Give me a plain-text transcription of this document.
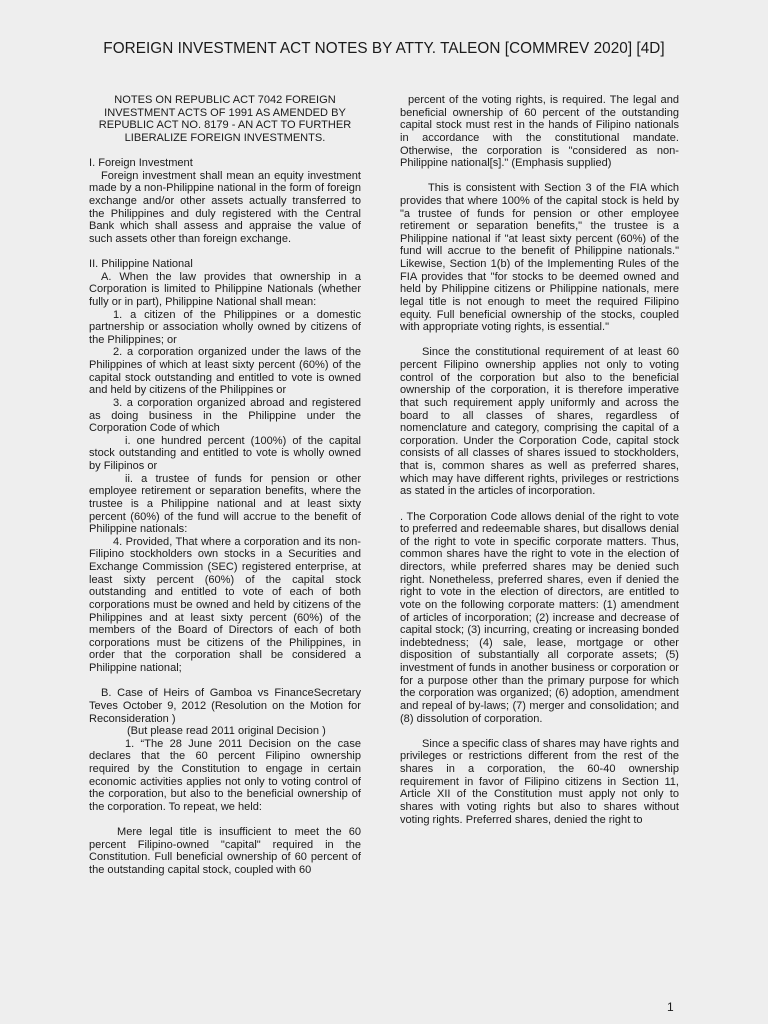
FOREIGN INVESTMENT ACT NOTES BY ATTY. TALEON [COMMREV 2020] [4D]

NOTES ON REPUBLIC ACT 7042 FOREIGN INVESTMENT ACTS OF 1991 AS AMENDED BY REPUBLIC ACT NO. 8179 - AN ACT TO FURTHER LIBERALIZE FOREIGN INVESTMENTS.

I. Foreign Investment

Foreign investment shall mean an equity investment made by a non-Philippine national in the form of foreign exchange and/or other assets actually transferred to the Philippines and duly registered with the Central Bank which shall assess and appraise the value of such assets other than foreign exchange.

II. Philippine National

A. When the law provides that ownership in a Corporation is limited to Philippine Nationals (whether fully or in part), Philippine National shall mean:

1. a citizen of the Philippines or a domestic partnership or association wholly owned by citizens of the Philippines; or

2. a corporation organized under the laws of the Philippines of which at least sixty percent (60%) of the capital stock outstanding and entitled to vote is owned and held by citizens of the Philippines or

3. a corporation organized abroad and registered as doing business in the Philippine under the Corporation Code of which

i. one hundred percent (100%) of the capital stock outstanding and entitled to vote is wholly owned by Filipinos or

ii. a trustee of funds for pension or other employee retirement or separation benefits, where the trustee is a Philippine national and at least sixty percent (60%) of the fund will accrue to the benefit of Philippine nationals:

4. Provided, That where a corporation and its non-Filipino stockholders own stocks in a Securities and Exchange Commission (SEC) registered enterprise, at least sixty percent (60%) of the capital stock outstanding and entitled to vote of each of both corporations must be owned and held by citizens of the Philippines and at least sixty percent (60%) of the members of the Board of Directors of each of both corporations must be citizens of the Philippines, in order that the corporation shall be considered a Philippine national;

B. Case of Heirs of Gamboa vs FinanceSecretary Teves October 9, 2012 (Resolution on the Motion for Reconsideration )

(But please read 2011 original Decision )

1. “The 28 June 2011 Decision on the case declares that the 60 percent Filipino ownership required by the Constitution to engage in certain economic activities applies not only to voting control of the corporation, but also to the beneficial ownership of the corporation. To repeat, we held:

Mere legal title is insufficient to meet the 60 percent Filipino-owned "capital" required in the Constitution. Full beneficial ownership of 60 percent of the outstanding capital stock, coupled with 60

percent of the voting rights, is required. The legal and beneficial ownership of 60 percent of the outstanding capital stock must rest in the hands of Filipino nationals in accordance with the constitutional mandate. Otherwise, the corporation is "considered as non-Philippine national[s]." (Emphasis supplied)

This is consistent with Section 3 of the FIA which provides that where 100% of the capital stock is held by "a trustee of funds for pension or other employee retirement or separation benefits," the trustee is a Philippine national if "at least sixty percent (60%) of the fund will accrue to the benefit of Philippine nationals." Likewise, Section 1(b) of the Implementing Rules of the FIA provides that "for stocks to be deemed owned and held by Philippine citizens or Philippine nationals, mere legal title is not enough to meet the required Filipino equity. Full beneficial ownership of the stocks, coupled with appropriate voting rights, is essential."

Since the constitutional requirement of at least 60 percent Filipino ownership applies not only to voting control of the corporation but also to the beneficial ownership of the corporation, it is therefore imperative that such requirement apply uniformly and across the board to all classes of shares, regardless of nomenclature and category, comprising the capital of a corporation. Under the Corporation Code, capital stock consists of all classes of shares issued to stockholders, that is, common shares as well as preferred shares, which may have different rights, privileges or restrictions as stated in the articles of incorporation.

. The Corporation Code allows denial of the right to vote to preferred and redeemable shares, but disallows denial of the right to vote in specific corporate matters. Thus, common shares have the right to vote in the election of directors, while preferred shares may be denied such right. Nonetheless, preferred shares, even if denied the right to vote in the election of directors, are entitled to vote on the following corporate matters: (1) amendment of articles of incorporation; (2) increase and decrease of capital stock; (3) incurring, creating or increasing bonded indebtedness; (4) sale, lease, mortgage or other disposition of substantially all corporate assets; (5) investment of funds in another business or corporation or for a purpose other than the primary purpose for which the corporation was organized; (6) adoption, amendment and repeal of by-laws; (7) merger and consolidation; and (8) dissolution of corporation.

Since a specific class of shares may have rights and privileges or restrictions different from the rest of the shares in a corporation, the 60-40 ownership requirement in favor of Filipino citizens in Section 11, Article XII of the Constitution must apply not only to shares with voting rights but also to shares without voting rights. Preferred shares, denied the right to

1
